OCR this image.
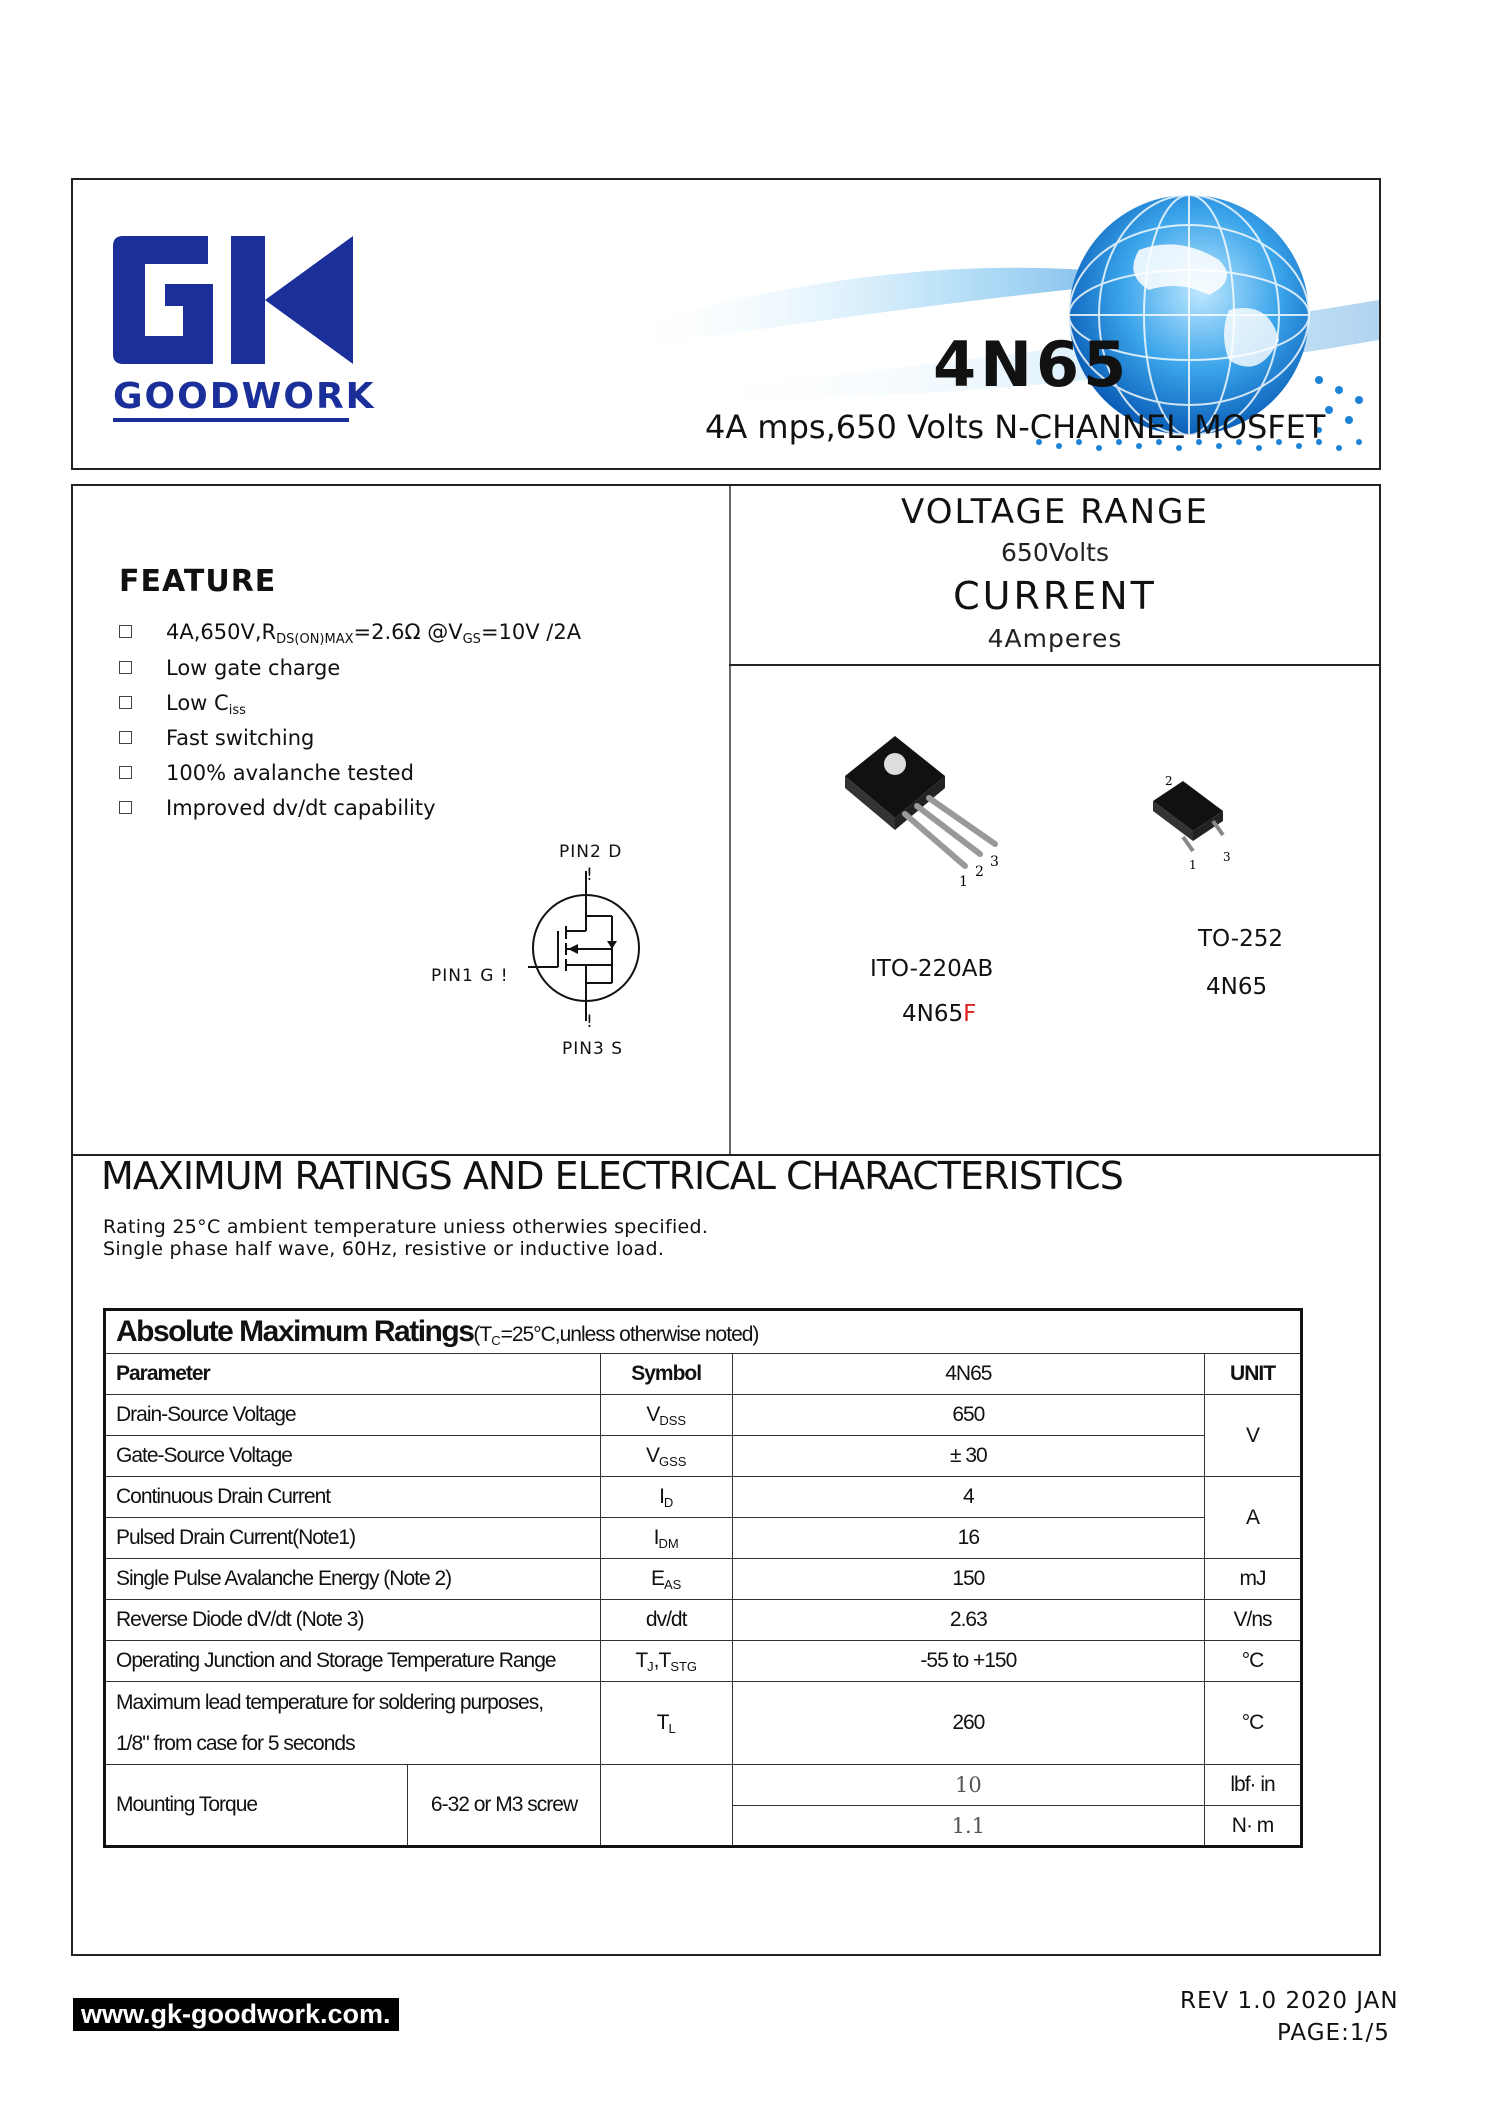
GOODWORK	4N65
4A mps,650 Volts N-CHANNEL MOSFET
VOLTAGE RANGE
650Volts
CURRENT
4Amperes
FEATURE
$4A,650V,R_{DS(ON)MAX}=2.6\Omega$ $@V_{GS}=10V$ /2A
Low gate charge
Low $C_{iss}$
Fast switching
100% avalanche tested
Improved dv/dt capability
PIN2 D
!
PIN1 G !
!
PIN3 S
1
2
3
2
1
3
ITO-220AB
4N65F
TO-252
4N65
MAXIMUM RATINGS AND ELECTRICAL CHARACTERISTICS
Rating 25°C ambient temperature uniess otherwies specified.
Single phase half wave, 60Hz, resistive or inductive load.
Absolute Maximum $Ratings(T_C=25^\circ C,unless$ otherwise noted)				
Parameter		Symbol	4N65	UNIT
Drain-Source Voltage		$V_{DSS}$	650	V
Gate-Source Voltage		$V_{GSS}$	± 30	
Continuous Drain Current		$I_D$	4	A
Pulsed Drain Current(Note1)		$I_{DM}$	16	
Single Pulse Avalanche Energy (Note 2)		$E_{AS}$	150	mJ
Reverse Diode dV/dt (Note 3)		dv/dt	2.63	V/ns
Operating Junction and Storage Temperature Range		$T_J,T_{STG}$	-55 to +150	°C

Maximum lead temperature for soldering purposes,
1/8" from case for 5 seconds		$T_L$	260	°C
Mounting Torque	6-32 or M3 screw		10	lbf· in
			1.1	N· m
www.gk-goodwork.com.	REV 1.0 2020 JAN
PAGE:1/5
